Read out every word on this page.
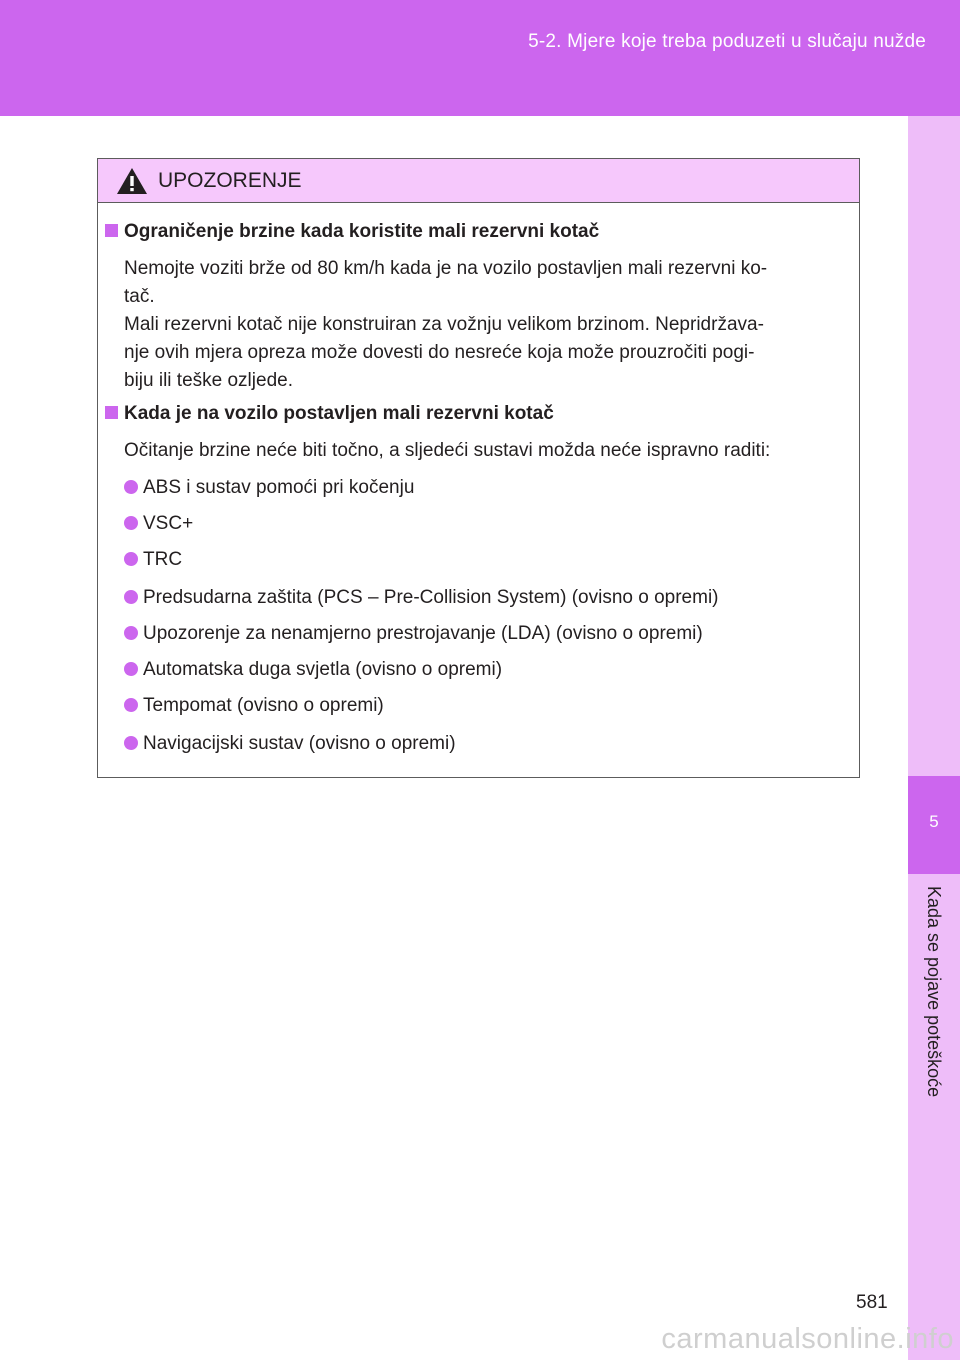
5-2. Mjere koje treba poduzeti u slučaju nužde
5
Kada se pojave poteškoće
UPOZORENJE
Ograničenje brzine kada koristite mali rezervni kotač
Nemojte voziti brže od 80 km/h kada je na vozilo postavljen mali rezervni ko-
tač.
Mali rezervni kotač nije konstruiran za vožnju velikom brzinom. Nepridržava-
nje ovih mjera opreza može dovesti do nesreće koja može prouzročiti pogi-
biju ili teške ozljede.
Kada je na vozilo postavljen mali rezervni kotač
Očitanje brzine neće biti točno, a sljedeći sustavi možda neće ispravno raditi:
ABS i sustav pomoći pri kočenju
VSC+
TRC
Predsudarna zaštita (PCS – Pre-Collision System) (ovisno o opremi)
Upozorenje za nenamjerno prestrojavanje (LDA) (ovisno o opremi)
Automatska duga svjetla (ovisno o opremi)
Tempomat (ovisno o opremi)
Navigacijski sustav (ovisno o opremi)
581
carmanualsonline.info
